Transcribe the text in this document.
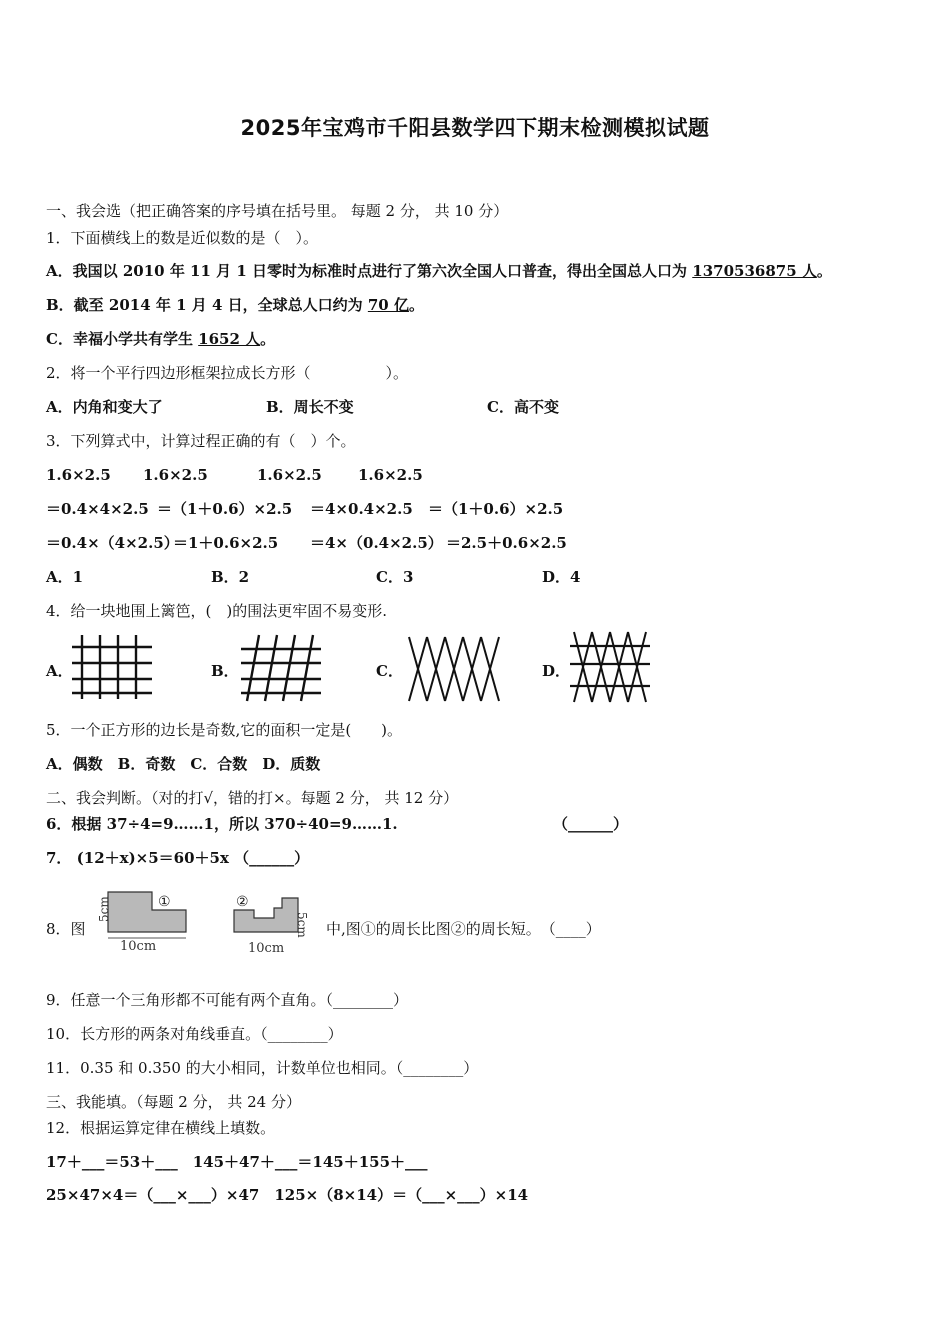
2025年宝鸡市千阳县数学四下期末检测模拟试题
一、我会选（把正确答案的序号填在括号里。 每题 2 分， 共 10 分）
1．下面横线上的数是近似数的是（　）。
A．我国以 2010 年 11 月 1 日零时为标准时点进行了第六次全国人口普查，得出全国总人口为 1370536875 人。
B．截至 2014 年 1 月 4 日，全球总人口约为 70 亿。
C．幸福小学共有学生 1652 人。
2．将一个平行四边形框架拉成长方形（　　　　　）。
A．内角和变大了	B．周长不变	C．高不变
3．下列算式中，计算过程正确的有（　）个。
1.6×2.5 1.6×2.5	1.6×2.5 1.6×2.5
＝0.4×4×2.5 ＝（1＋0.6）×2.5 ＝4×0.4×2.5 ＝（1＋0.6）×2.5
＝0.4×（4×2.5）
＝1＋0.6×2.5 ＝4×（0.4×2.5） ＝2.5＋0.6×2.5
A．1	B．2	C．3	D．4
4．给一块地围上篱笆，(　)的围法更牢固不易变形.
A．	B．	C．	D．
5．一个正方形的边长是奇数,它的面积一定是(　　)。
A．偶数　B．奇数　C．合数　D．质数
二、我会判断。（对的打√，错的打×。每题 2 分， 共 12 分）
6．根据 37÷4=9……1，所以 370÷40=9……1.	（______）
7． (12＋x)×5＝60＋5x （______）
8．图
①
10cm
5cm	②
10cm
5cm 中,图①的周长比图②的周长短。　（____）
9．任意一个三角形都不可能有两个直角。（________）
10．长方形的两条对角线垂直。（________）
11．0.35 和 0.350 的大小相同，计数单位也相同。（________）
三、我能填。（每题 2 分， 共 24 分）
12．根据运算定律在横线上填数。
17＋___＝53＋___　145＋47＋___＝145＋155＋___
25×47×4＝（___×___）×47　125×（8×14）＝（___×___）×14
